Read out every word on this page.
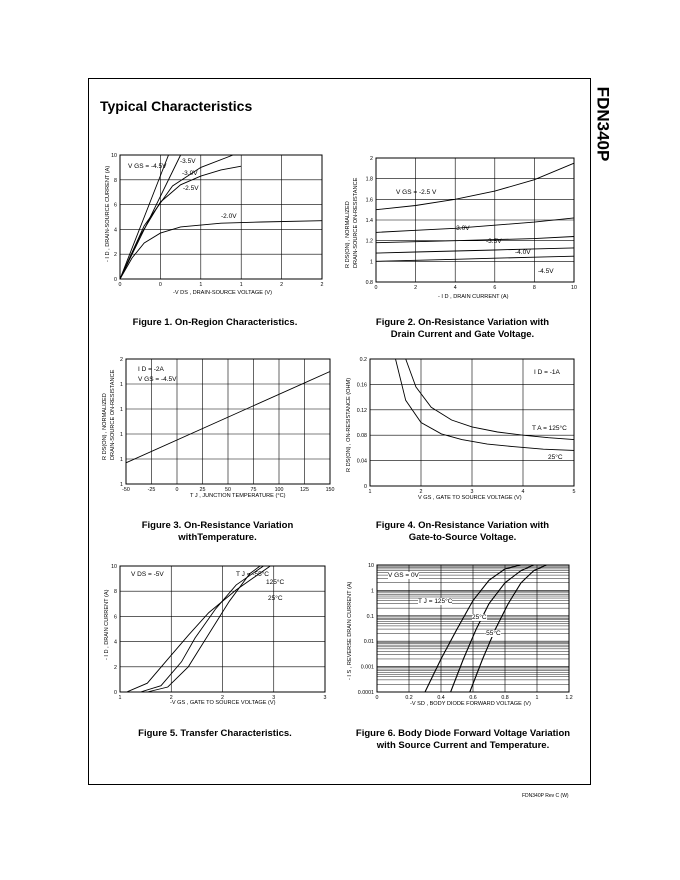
FDN340P
Typical Characteristics
0	0	1	1	2	2
0
2
4
6
8
10
- I D , DRAIN-SOURCE CURRENT (A)
-V DS , DRAIN-SOURCE VOLTAGE (V)
V GS = -4.5V
-3.5V
-3.0V
-2.5V
-2.0V
Figure 1. On-Region Characteristics.
0	2	4	6	8	10
0.8
1
1.2
1.4
1.6
1.8
2
R DS(ON) , NORMALIZED DRAIN-SOURCE ON-RESISTANCE
- I D , DRAIN CURRENT (A)
V GS = -2.5 V
-3.0V
-3.5V
-4.0V
-4.5V
Figure 2. On-Resistance Variation with
Drain Current and Gate Voltage.
-50	-25	0	25	50	75	100	125	150
1
1
1
1
1
2
R DS(ON) , NORMALIZED DRAIN-SOURCE ON-RESISTANCE
T J , JUNCTION TEMPERATURE (°C)
I D = -2A
V GS = -4.5V
Figure 3. On-Resistance Variation
withTemperature.
1	2	3	4	5
0
0.04
0.08
0.12
0.16
0.2
R DS(ON) , ON-RESISTANCE (OHM)
V GS , GATE TO SOURCE VOLTAGE (V)
I D = -1A
T A = 125°C
25°C
Figure 4. On-Resistance Variation with
Gate-to-Source Voltage.
1	2	2	3	3
0
2
4
6
8
10
- I D , DRAIN CURRENT (A)
-V GS , GATE TO SOURCE VOLTAGE (V)
V DS = -5V	T J = -55°C
125°C
25°C
Figure 5. Transfer Characteristics.
0	0.2	0.4	0.6	0.8	1	1.2
0.0001
0.001
0.01
0.1
1
10
- I S , REVERSE DRAIN CURRENT (A)
-V SD , BODY DIODE FORWARD VOLTAGE (V)
V GS = 0V
T J = 125°C
25°C
-55°C
Figure 6. Body Diode Forward Voltage Variation
with Source Current and Temperature.
FDN340P Rev C (W)
